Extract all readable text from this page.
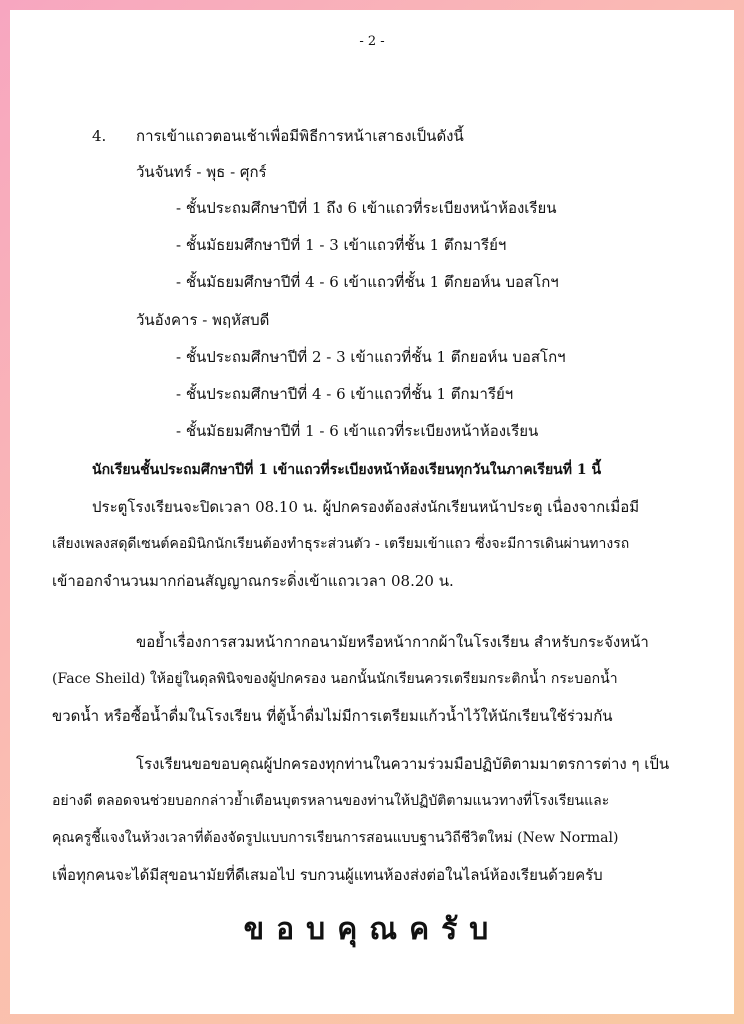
- 2 -
4. การเข้าแถวตอนเช้าเพื่อมีพิธีการหน้าเสาธงเป็นดังนี้
วันจันทร์ - พุธ - ศุกร์
- ชั้นประถมศึกษาปีที่ 1 ถึง 6 เข้าแถวที่ระเบียงหน้าห้องเรียน
- ชั้นมัธยมศึกษาปีที่ 1 - 3 เข้าแถวที่ชั้น 1 ตึกมารีย์ฯ
- ชั้นมัธยมศึกษาปีที่ 4 - 6 เข้าแถวที่ชั้น 1 ตึกยอห์น บอสโกฯ
วันอังคาร - พฤหัสบดี
- ชั้นประถมศึกษาปีที่ 2 - 3 เข้าแถวที่ชั้น 1 ตึกยอห์น บอสโกฯ
- ชั้นประถมศึกษาปีที่ 4 - 6 เข้าแถวที่ชั้น 1 ตึกมารีย์ฯ
- ชั้นมัธยมศึกษาปีที่ 1 - 6 เข้าแถวที่ระเบียงหน้าห้องเรียน
นักเรียนชั้นประถมศึกษาปีที่ 1 เข้าแถวที่ระเบียงหน้าห้องเรียนทุกวันในภาคเรียนที่ 1 นี้
ประตูโรงเรียนจะปิดเวลา 08.10 น. ผู้ปกครองต้องส่งนักเรียนหน้าประตู เนื่องจากเมื่อมี
เสียงเพลงสดุดีเซนต์คอมินิกนักเรียนต้องทำธุระส่วนตัว - เตรียมเข้าแถว ซึ่งจะมีการเดินผ่านทางรถ
เข้าออกจำนวนมากก่อนสัญญาณกระดิ่งเข้าแถวเวลา 08.20 น.
ขอย้ำเรื่องการสวมหน้ากากอนามัยหรือหน้ากากผ้าในโรงเรียน สำหรับกระจังหน้า
(Face Sheild) ให้อยู่ในดุลพินิจของผู้ปกครอง นอกนั้นนักเรียนควรเตรียมกระติกน้ำ กระบอกน้ำ
ขวดน้ำ หรือซื้อน้ำดื่มในโรงเรียน ที่ตู้น้ำดื่มไม่มีการเตรียมแก้วน้ำไว้ให้นักเรียนใช้ร่วมกัน
โรงเรียนขอขอบคุณผู้ปกครองทุกท่านในความร่วมมือปฏิบัติตามมาตรการต่าง ๆ เป็น
อย่างดี ตลอดจนช่วยบอกกล่าวย้ำเตือนบุตรหลานของท่านให้ปฏิบัติตามแนวทางที่โรงเรียนและ
คุณครูชี้แจงในห้วงเวลาที่ต้องจัดรูปแบบการเรียนการสอนแบบฐานวิถีชีวิตใหม่ (New Normal)
เพื่อทุกคนจะได้มีสุขอนามัยที่ดีเสมอไป รบกวนผู้แทนห้องส่งต่อในไลน์ห้องเรียนด้วยครับ
ขอบคุณครับ
